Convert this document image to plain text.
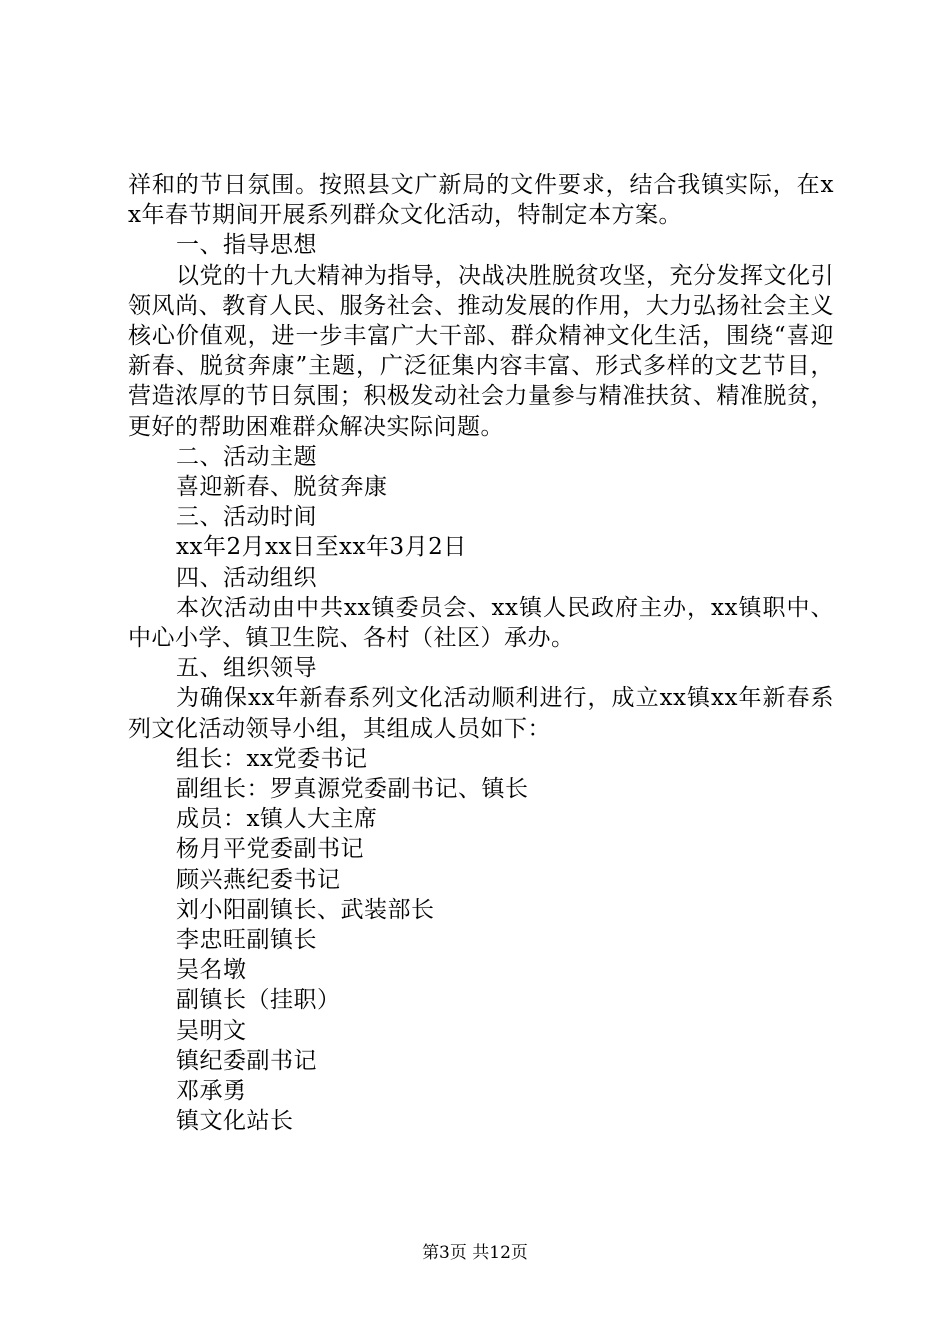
祥和的节日氛围。按照县文广新局的文件要求，结合我镇实际，在xx年春节期间开展系列群众文化活动，特制定本方案。

一、指导思想

以党的十九大精神为指导，决战决胜脱贫攻坚，充分发挥文化引领风尚、教育人民、服务社会、推动发展的作用，大力弘扬社会主义核心价值观，进一步丰富广大干部、群众精神文化生活，围绕“喜迎新春、脱贫奔康”主题，广泛征集内容丰富、形式多样的文艺节目，营造浓厚的节日氛围；积极发动社会力量参与精准扶贫、精准脱贫，更好的帮助困难群众解决实际问题。

二、活动主题

喜迎新春、脱贫奔康

三、活动时间

xx年2月xx日至xx年3月2日

四、活动组织

本次活动由中共xx镇委员会、xx镇人民政府主办，xx镇职中、中心小学、镇卫生院、各村（社区）承办。

五、组织领导

为确保xx年新春系列文化活动顺利进行，成立xx镇xx年新春系列文化活动领导小组，其组成人员如下：

组长：xx党委书记

副组长：罗真源党委副书记、镇长

成员：x镇人大主席

杨月平党委副书记

顾兴燕纪委书记

刘小阳副镇长、武装部长

李忠旺副镇长

吴名墩

副镇长（挂职）

吴明文

镇纪委副书记

邓承勇

镇文化站长

第3页 共12页
